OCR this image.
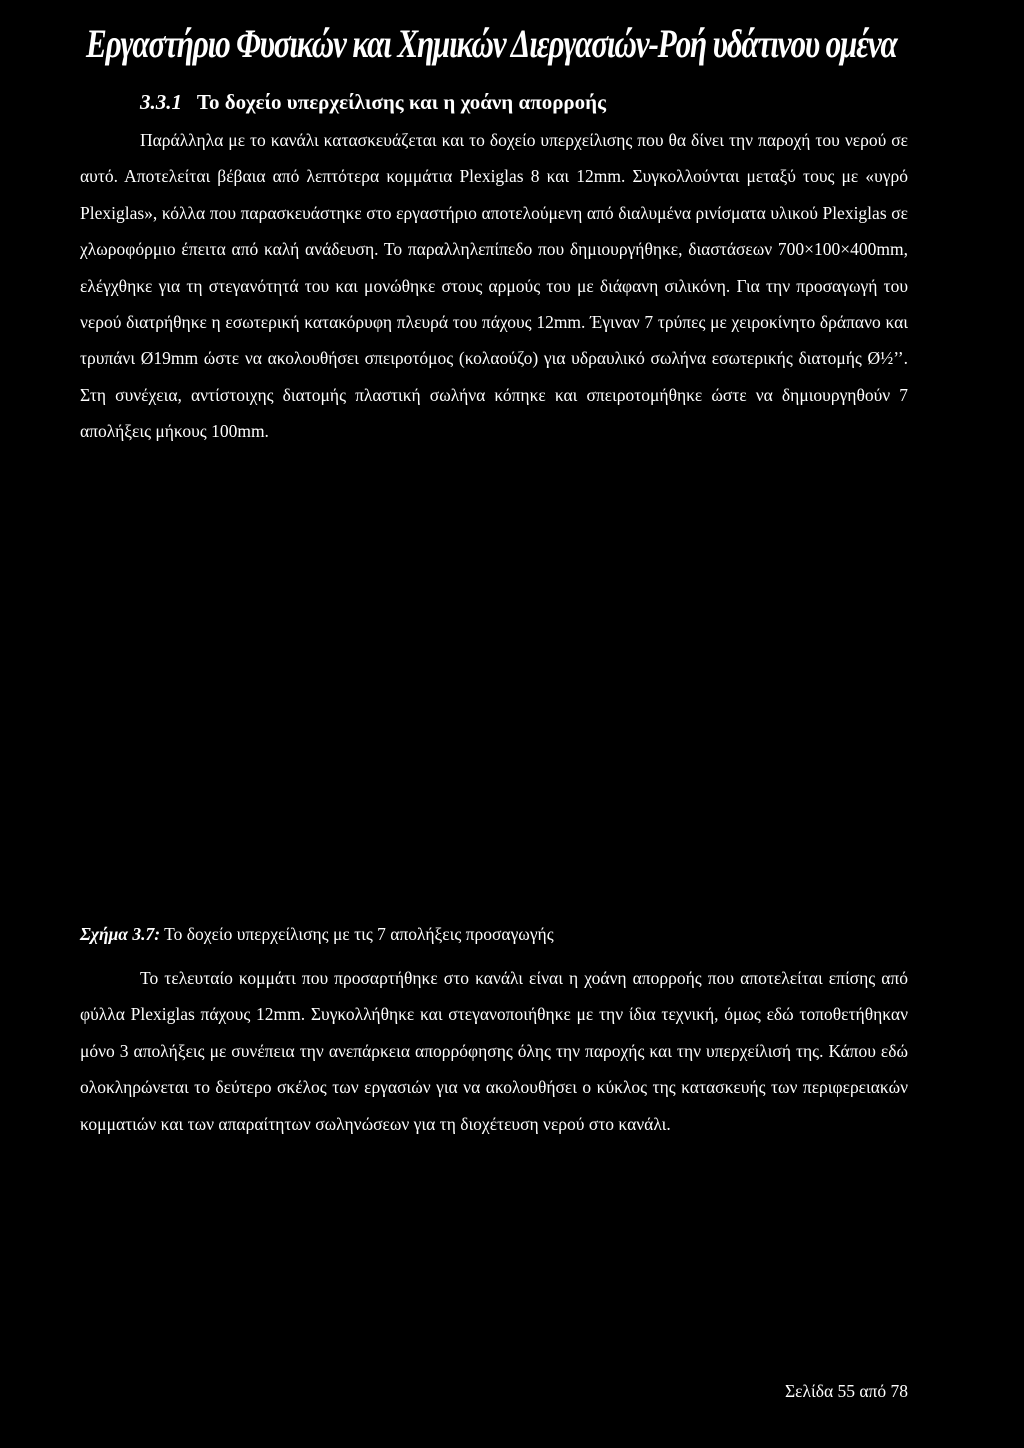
Εργαστήριο Φυσικών και Χημικών Διεργασιών-Ροή υδάτινου ομένα
3.3.1 Το δοχείο υπερχείλισης και η χοάνη απορροής

Παράλληλα με το κανάλι κατασκευάζεται και το δοχείο υπερχείλισης που θα δίνει την παροχή του νερού σε αυτό. Αποτελείται βέβαια από λεπτότερα κομμάτια Plexiglas 8 και 12mm. Συγκολλούνται μεταξύ τους με «υγρό Plexiglas», κόλλα που παρασκευάστηκε στο εργαστήριο αποτελούμενη από διαλυμένα ρινίσματα υλικού Plexiglas σε χλωροφόρμιο έπειτα από καλή ανάδευση. Το παραλληλεπίπεδο που δημιουργήθηκε, διαστάσεων 700×100×400mm, ελέγχθηκε για τη στεγανότητά του και μονώθηκε στους αρμούς του με διάφανη σιλικόνη. Για την προσαγωγή του νερού διατρήθηκε η εσωτερική κατακόρυφη πλευρά του πάχους 12mm. Έγιναν 7 τρύπες με χειροκίνητο δράπανο και τρυπάνι Ø19mm ώστε να ακολουθήσει σπειροτόμος (κολαούζο) για υδραυλικό σωλήνα εσωτερικής διατομής Ø½’’. Στη συνέχεια, αντίστοιχης διατομής πλαστική σωλήνα κόπηκε και σπειροτομήθηκε ώστε να δημιουργηθούν 7 απολήξεις μήκους 100mm.

Σχήμα 3.7: Το δοχείο υπερχείλισης με τις 7 απολήξεις προσαγωγής

Το τελευταίο κομμάτι που προσαρτήθηκε στο κανάλι είναι η χοάνη απορροής που αποτελείται επίσης από φύλλα Plexiglas πάχους 12mm. Συγκολλήθηκε και στεγανοποιήθηκε με την ίδια τεχνική, όμως εδώ τοποθετήθηκαν μόνο 3 απολήξεις με συνέπεια την ανεπάρκεια απορρόφησης όλης την παροχής και την υπερχείλισή της. Κάπου εδώ ολοκληρώνεται το δεύτερο σκέλος των εργασιών για να ακολουθήσει ο κύκλος της κατασκευής των περιφερειακών κομματιών και των απαραίτητων σωληνώσεων για τη διοχέτευση νερού στο κανάλι.

Σελίδα 55 από 78
